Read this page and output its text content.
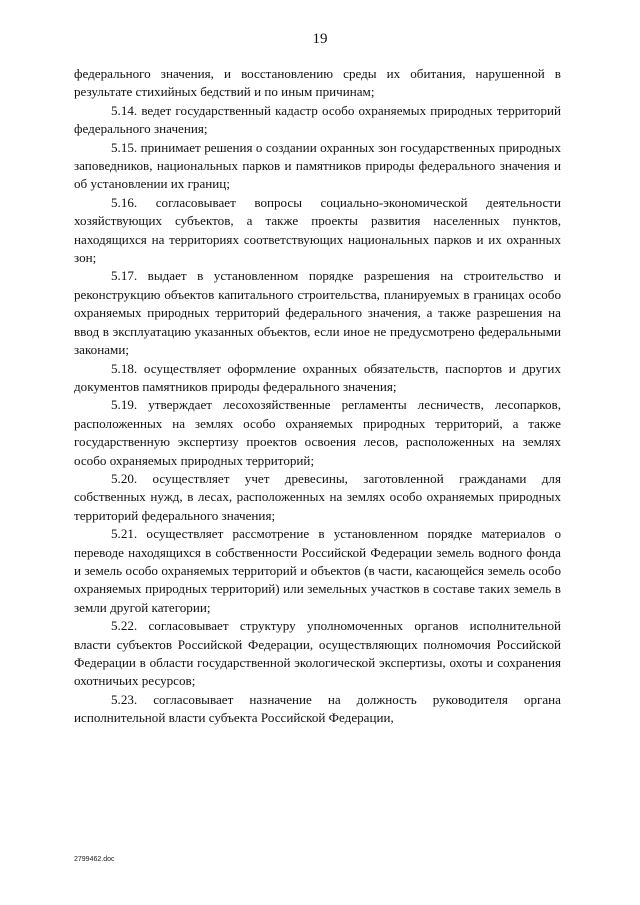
19

федерального значения, и восстановлению среды их обитания, нарушенной в результате стихийных бедствий и по иным причинам;

5.14. ведет государственный кадастр особо охраняемых природных территорий федерального значения;

5.15. принимает решения о создании охранных зон государственных природных заповедников, национальных парков и памятников природы федерального значения и об установлении их границ;

5.16. согласовывает вопросы социально-экономической деятельности хозяйствующих субъектов, а также проекты развития населенных пунктов, находящихся на территориях соответствующих национальных парков и их охранных зон;

5.17. выдает в установленном порядке разрешения на строительство и реконструкцию объектов капитального строительства, планируемых в границах особо охраняемых природных территорий федерального значения, а также разрешения на ввод в эксплуатацию указанных объектов, если иное не предусмотрено федеральными законами;

5.18. осуществляет оформление охранных обязательств, паспортов и других документов памятников природы федерального значения;

5.19. утверждает лесохозяйственные регламенты лесничеств, лесопарков, расположенных на землях особо охраняемых природных территорий, а также государственную экспертизу проектов освоения лесов, расположенных на землях особо охраняемых природных территорий;

5.20. осуществляет учет древесины, заготовленной гражданами для собственных нужд, в лесах, расположенных на землях особо охраняемых природных территорий федерального значения;

5.21. осуществляет рассмотрение в установленном порядке материалов о переводе находящихся в собственности Российской Федерации земель водного фонда и земель особо охраняемых территорий и объектов (в части, касающейся земель особо охраняемых природных территорий) или земельных участков в составе таких земель в земли другой категории;

5.22. согласовывает структуру уполномоченных органов исполнительной власти субъектов Российской Федерации, осуществляющих полномочия Российской Федерации в области государственной экологической экспертизы, охоты и сохранения охотничьих ресурсов;

5.23. согласовывает назначение на должность руководителя органа исполнительной власти субъекта Российской Федерации,

2799462.doc
